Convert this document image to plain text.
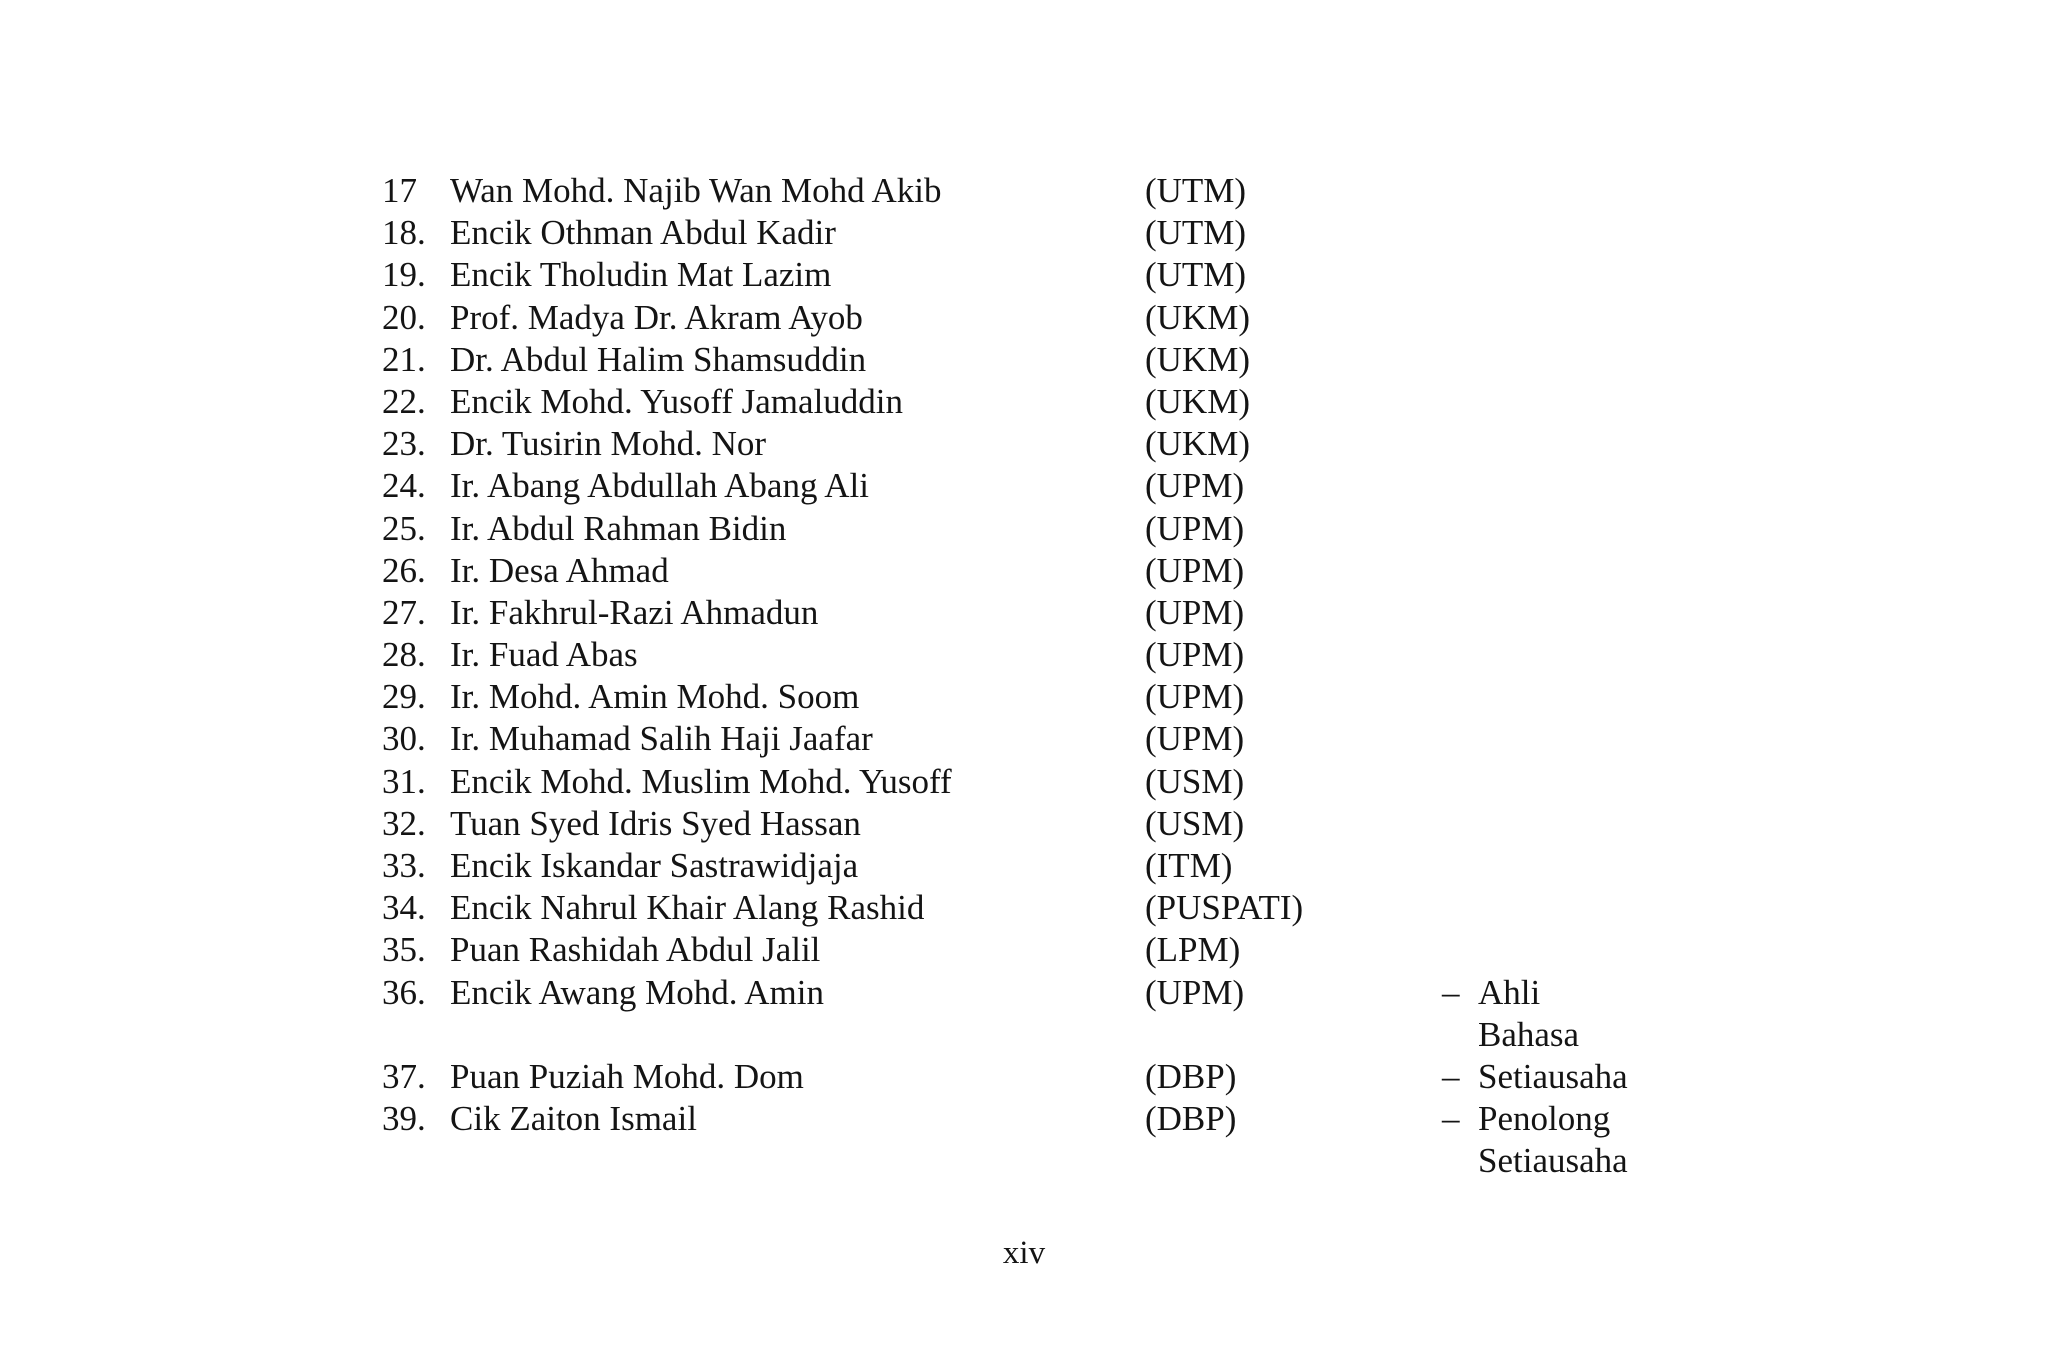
17 Wan Mohd. Najib Wan Mohd Akib	(UTM)
18. Encik Othman Abdul Kadir	(UTM)
19. Encik Tholudin Mat Lazim	(UTM)
20. Prof. Madya Dr. Akram Ayob	(UKM)
21. Dr. Abdul Halim Shamsuddin	(UKM)
22. Encik Mohd. Yusoff Jamaluddin	(UKM)
23. Dr. Tusirin Mohd. Nor	(UKM)
24. Ir. Abang Abdullah Abang Ali	(UPM)
25. Ir. Abdul Rahman Bidin	(UPM)
26. Ir. Desa Ahmad	(UPM)
27. Ir. Fakhrul-Razi Ahmadun	(UPM)
28. Ir. Fuad Abas	(UPM)
29. Ir. Mohd. Amin Mohd. Soom	(UPM)
30. Ir. Muhamad Salih Haji Jaafar	(UPM)
31. Encik Mohd. Muslim Mohd. Yusoff	(USM)
32. Tuan Syed Idris Syed Hassan	(USM)
33. Encik Iskandar Sastrawidjaja	(ITM)
34. Encik Nahrul Khair Alang Rashid	(PUSPATI)
35. Puan Rashidah Abdul Jalil	(LPM)
36. Encik Awang Mohd. Amin	(UPM)	– Ahli
Bahasa
37. Puan Puziah Mohd. Dom	(DBP)	– Setiausaha
39. Cik Zaiton Ismail	(DBP)	– Penolong
Setiausaha
xiv
